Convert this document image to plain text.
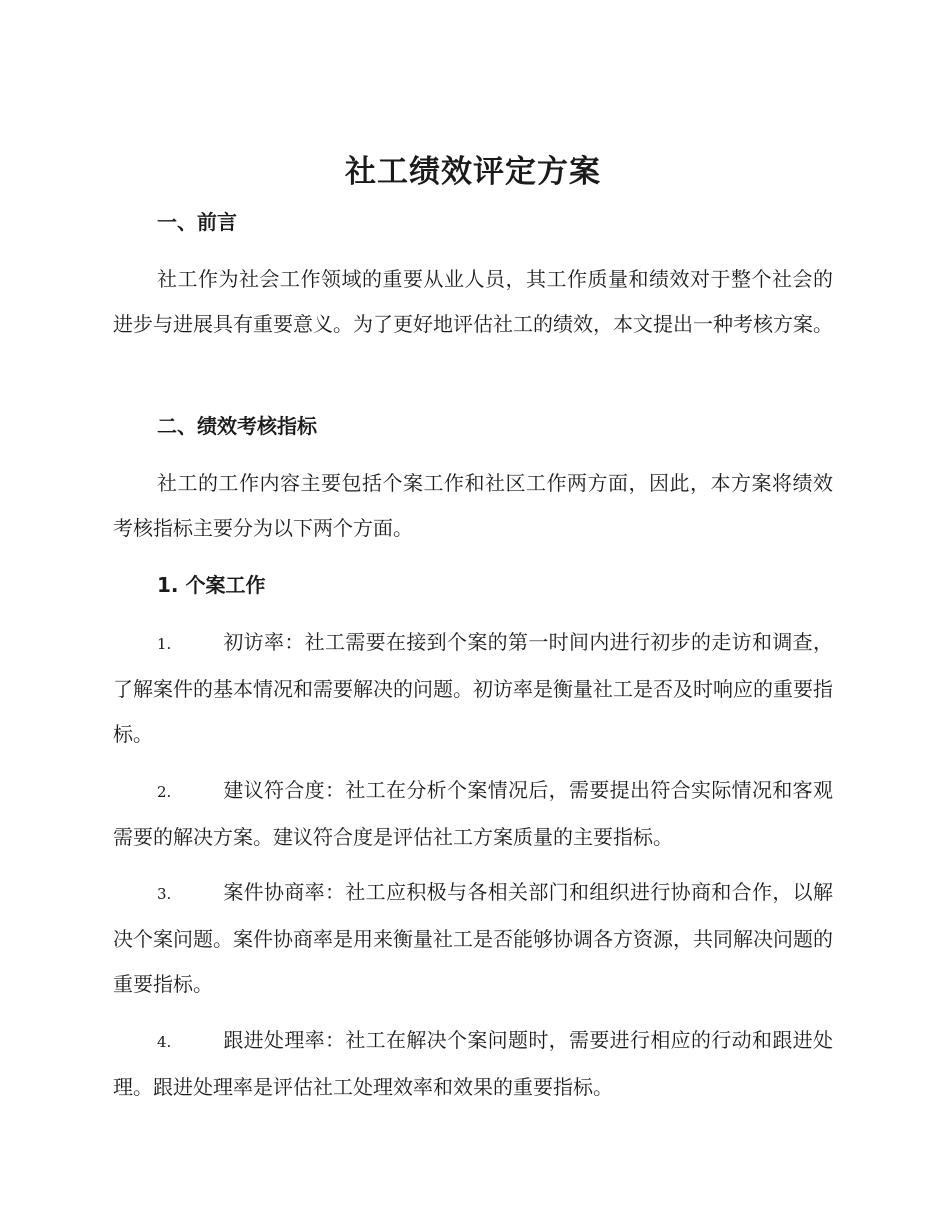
社工绩效评定方案
一、前言
社工作为社会工作领域的重要从业人员，其工作质量和绩效对于整个社会的进步与进展具有重要意义。为了更好地评估社工的绩效，本文提出一种考核方案。
二、绩效考核指标
社工的工作内容主要包括个案工作和社区工作两方面，因此，本方案将绩效考核指标主要分为以下两个方面。
1. 个案工作
1.	初访率：社工需要在接到个案的第一时间内进行初步的走访和调查，了解案件的基本情况和需要解决的问题。初访率是衡量社工是否及时响应的重要指标。
2.	建议符合度：社工在分析个案情况后，需要提出符合实际情况和客观需要的解决方案。建议符合度是评估社工方案质量的主要指标。
3.	案件协商率：社工应积极与各相关部门和组织进行协商和合作，以解决个案问题。案件协商率是用来衡量社工是否能够协调各方资源，共同解决问题的重要指标。
4.	跟进处理率：社工在解决个案问题时，需要进行相应的行动和跟进处理。跟进处理率是评估社工处理效率和效果的重要指标。
